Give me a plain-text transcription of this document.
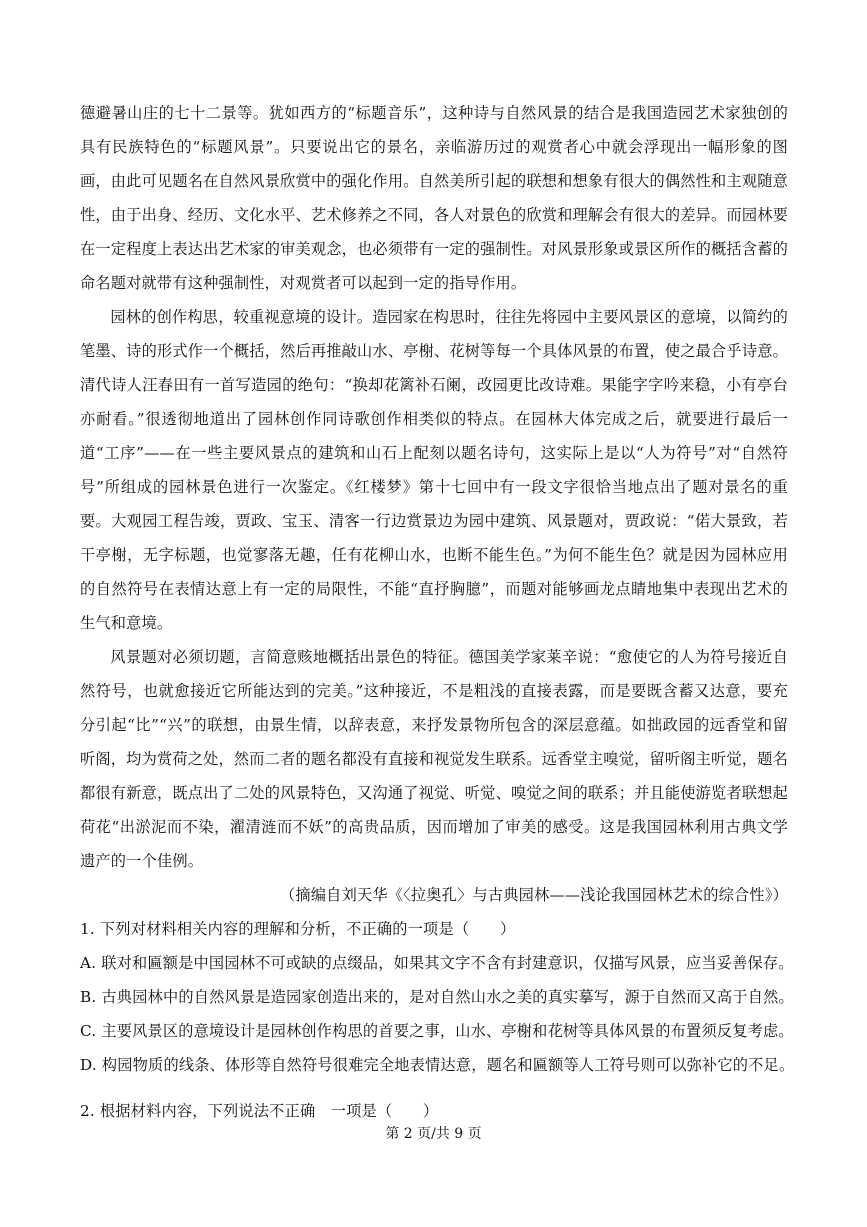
德避暑山庄的七十二景等。犹如西方的“标题音乐”，这种诗与自然风景的结合是我国造园艺术家独创的具有民族特色的“标题风景”。只要说出它的景名，亲临游历过的观赏者心中就会浮现出一幅形象的图画，由此可见题名在自然风景欣赏中的强化作用。自然美所引起的联想和想象有很大的偶然性和主观随意性，由于出身、经历、文化水平、艺术修养之不同，各人对景色的欣赏和理解会有很大的差异。而园林要在一定程度上表达出艺术家的审美观念，也必须带有一定的强制性。对风景形象或景区所作的概括含蓄的命名题对就带有这种强制性，对观赏者可以起到一定的指导作用。

园林的创作构思，较重视意境的设计。造园家在构思时，往往先将园中主要风景区的意境，以简约的笔墨、诗的形式作一个概括，然后再推敲山水、亭榭、花树等每一个具体风景的布置，使之最合乎诗意。清代诗人汪春田有一首写造园的绝句：“换却花篱补石阑，改园更比改诗难。果能字字吟来稳，小有亭台亦耐看。”很透彻地道出了园林创作同诗歌创作相类似的特点。在园林大体完成之后，就要进行最后一道“工序”——在一些主要风景点的建筑和山石上配刻以题名诗句，这实际上是以“人为符号”对“自然符号”所组成的园林景色进行一次鉴定。《红楼梦》第十七回中有一段文字很恰当地点出了题对景名的重要。大观园工程告竣，贾政、宝玉、清客一行边赏景边为园中建筑、风景题对，贾政说：“偌大景致，若干亭榭，无字标题，也觉寥落无趣，任有花柳山水，也断不能生色。”为何不能生色？就是因为园林应用的自然符号在表情达意上有一定的局限性，不能“直抒胸臆”，而题对能够画龙点睛地集中表现出艺术的生气和意境。

风景题对必须切题，言简意赅地概括出景色的特征。德国美学家莱辛说：“愈使它的人为符号接近自然符号，也就愈接近它所能达到的完美。”这种接近，不是粗浅的直接表露，而是要既含蓄又达意，要充分引起“比”“兴”的联想，由景生情，以辞表意，来抒发景物所包含的深层意蕴。如拙政园的远香堂和留听阁，均为赏荷之处，然而二者的题名都没有直接和视觉发生联系。远香堂主嗅觉，留听阁主听觉，题名都很有新意，既点出了二处的风景特色，又沟通了视觉、听觉、嗅觉之间的联系；并且能使游览者联想起荷花“出淤泥而不染，濯清涟而不妖”的高贵品质，因而增加了审美的感受。这是我国园林利用古典文学遗产的一个佳例。

（摘编自刘天华《〈拉奥孔〉与古典园林——浅论我国园林艺术的综合性》）

1. 下列对材料相关内容的理解和分析，不正确的一项是（　　）

A. 联对和匾额是中国园林不可或缺的点缀品，如果其文字不含有封建意识，仅描写风景，应当妥善保存。

B. 古典园林中的自然风景是造园家创造出来的，是对自然山水之美的真实摹写，源于自然而又高于自然。

C. 主要风景区的意境设计是园林创作构思的首要之事，山水、亭榭和花树等具体风景的布置须反复考虑。

D. 构园物质的线条、体形等自然符号很难完全地表情达意，题名和匾额等人工符号则可以弥补它的不足。

2. 根据材料内容，下列说法不正确　一项是（　　）

第 2 页/共 9 页
